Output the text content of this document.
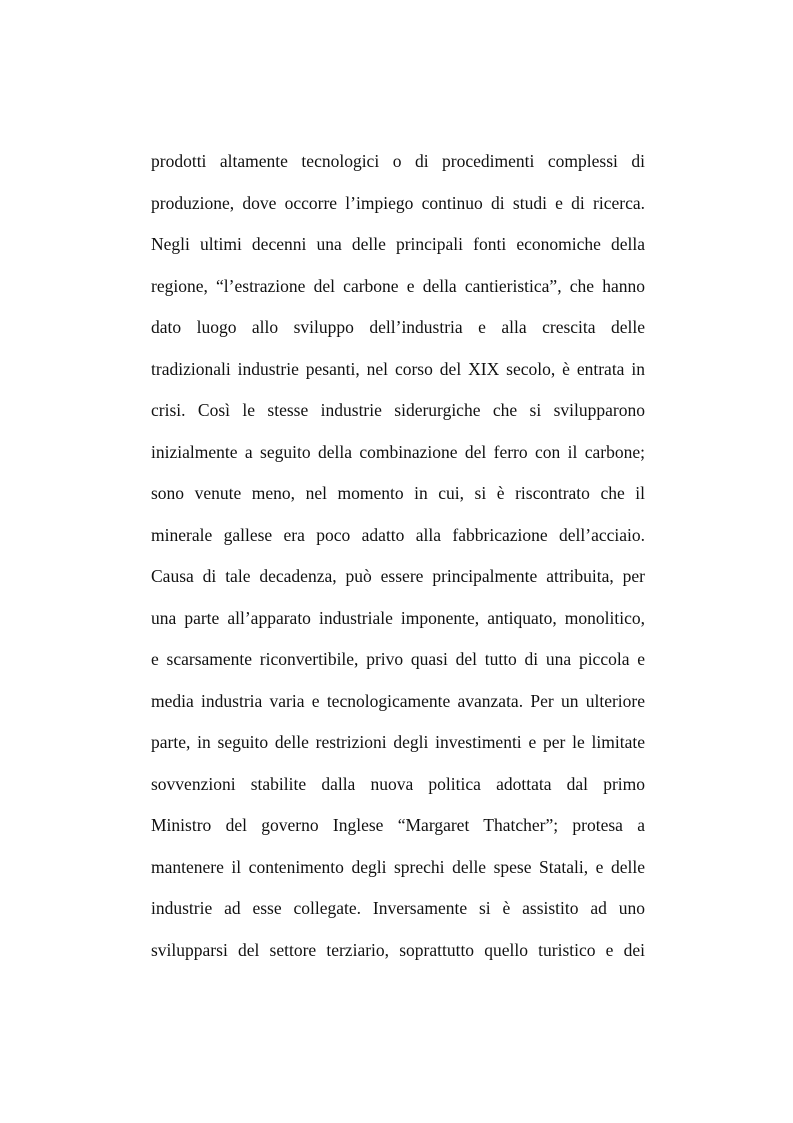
prodotti altamente tecnologici o di procedimenti complessi di
produzione, dove occorre l’impiego continuo di studi e di ricerca.
Negli ultimi decenni una delle principali fonti economiche della
regione, “l’estrazione del carbone e della cantieristica”, che hanno
dato luogo allo sviluppo dell’industria e alla crescita delle
tradizionali industrie pesanti, nel corso del XIX secolo, è entrata in
crisi. Così le stesse industrie siderurgiche che si svilupparono
inizialmente a seguito della combinazione del ferro con il carbone;
sono venute meno, nel momento in cui, si è riscontrato che il
minerale gallese era poco adatto alla fabbricazione dell’acciaio.
Causa di tale decadenza, può essere principalmente attribuita, per
una parte all’apparato industriale imponente, antiquato, monolitico,
e scarsamente riconvertibile, privo quasi del tutto di una piccola e
media industria varia e tecnologicamente avanzata. Per un ulteriore
parte, in seguito delle restrizioni degli investimenti e per le limitate
sovvenzioni stabilite dalla nuova politica adottata dal primo
Ministro del governo Inglese “Margaret Thatcher”; protesa a
mantenere il contenimento degli sprechi delle spese Statali, e delle
industrie ad esse collegate. Inversamente si è assistito ad uno
svilupparsi del settore terziario, soprattutto quello turistico e dei
